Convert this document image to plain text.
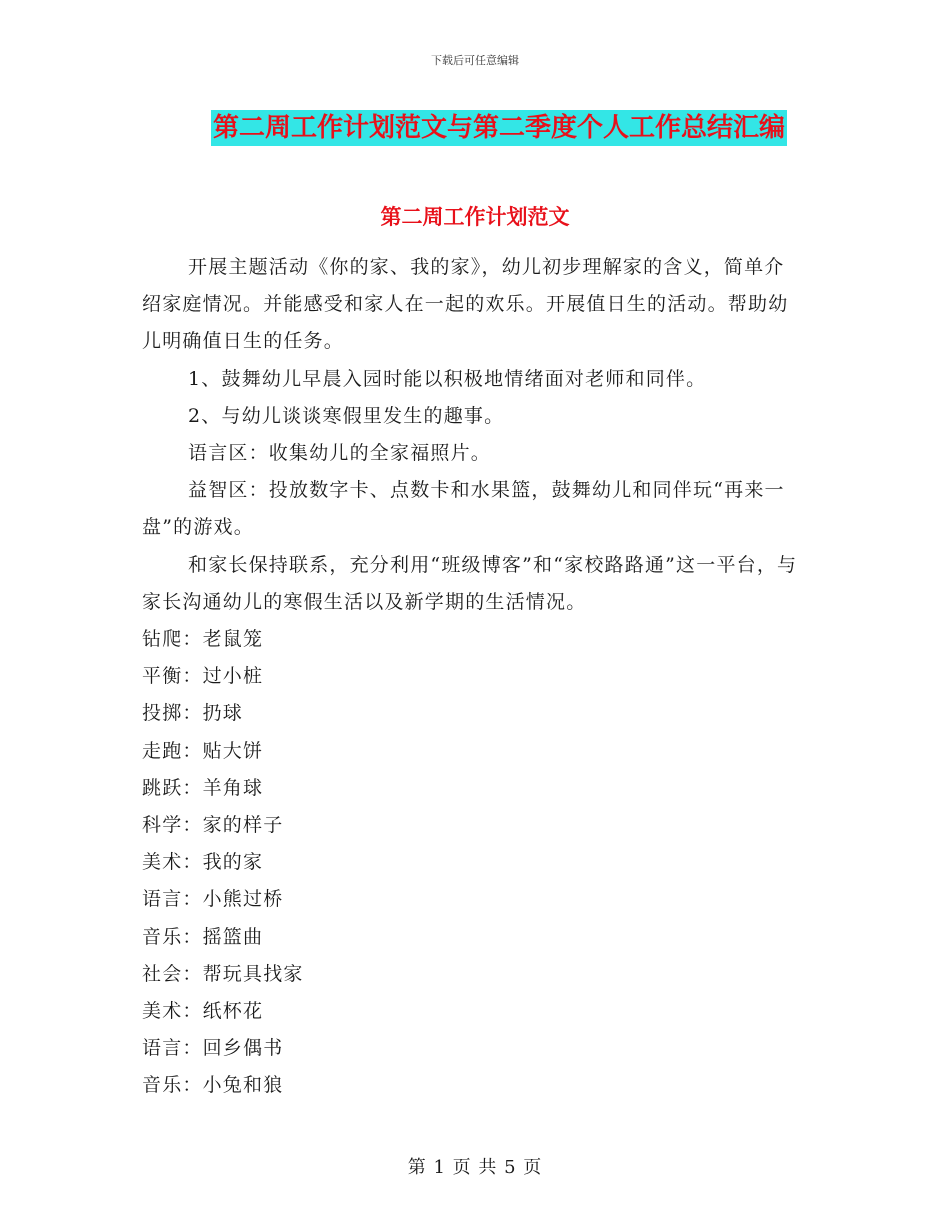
下载后可任意编辑
第二周工作计划范文与第二季度个人工作总结汇编
第二周工作计划范文

开展主题活动《你的家、我的家》，幼儿初步理解家的含义，简单介绍家庭情况。并能感受和家人在一起的欢乐。开展值日生的活动。帮助幼儿明确值日生的任务。

1、鼓舞幼儿早晨入园时能以积极地情绪面对老师和同伴。

2、与幼儿谈谈寒假里发生的趣事。

语言区：收集幼儿的全家福照片。

益智区：投放数字卡、点数卡和水果篮，鼓舞幼儿和同伴玩“再来一盘”的游戏。

和家长保持联系，充分利用“班级博客”和“家校路路通”这一平台，与家长沟通幼儿的寒假生活以及新学期的生活情况。

钻爬：老鼠笼

平衡：过小桩

投掷：扔球

走跑：贴大饼

跳跃：羊角球

科学：家的样子

美术：我的家

语言：小熊过桥

音乐：摇篮曲

社会：帮玩具找家

美术：纸杯花

语言：回乡偶书

音乐：小兔和狼

第 1 页 共 5 页
